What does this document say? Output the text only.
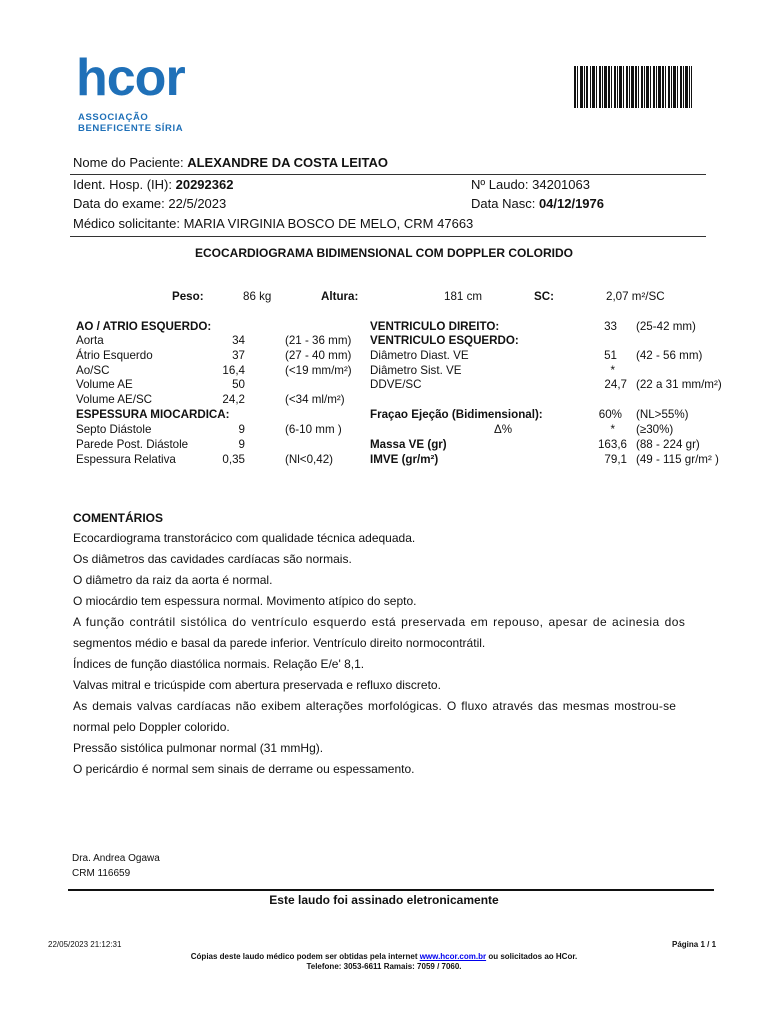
hcor
ASSOCIAÇÃO
BENEFICENTE SÍRIA
Nome do Paciente: ALEXANDRE DA COSTA LEITAO
Ident. Hosp. (IH): 20292362	Nº Laudo: 34201063
Data do exame: 22/5/2023	Data Nasc: 04/12/1976
Médico solicitante: MARIA VIRGINIA BOSCO DE MELO, CRM 47663
ECOCARDIOGRAMA BIDIMENSIONAL COM DOPPLER COLORIDO
Peso:	86 kg	Altura:	181 cm	SC:	2,07 m²/SC
AO / ATRIO ESQUERDO:
Aorta	34	(21 - 36 mm)
Átrio Esquerdo	37	(27 - 40 mm)
Ao/SC	16,4	(<19 mm/m²)
Volume AE	50
Volume AE/SC	24,2	(<34 ml/m²)
ESPESSURA MIOCARDICA:
Septo Diástole	9	(6-10 mm )
Parede Post. Diástole	9
Espessura Relativa	0,35	(Nl<0,42)
VENTRICULO DIREITO:	33 (25-42 mm)
VENTRICULO ESQUERDO:
Diâmetro Diast. VE	51 (42 - 56 mm)
Diâmetro Sist. VE	*
DDVE/SC	24,7 (22 a 31 mm/m²)
Fraçao Ejeção (Bidimensional):	60% (NL>55%)
Δ%	* (≥30%)
Massa VE (gr)	163,6 (88 - 224 gr)
IMVE (gr/m²)	79,1 (49 - 115 gr/m² )
COMENTÁRIOS
Ecocardiograma transtorácico com qualidade técnica adequada.
Os diâmetros das cavidades cardíacas são normais.
O diâmetro da raiz da aorta é normal.
O miocárdio tem espessura normal. Movimento atípico do septo.
A função contrátil sistólica do ventrículo esquerdo está preservada em repouso, apesar de acinesia dos
segmentos médio e basal da parede inferior. Ventrículo direito normocontrátil.
Índices de função diastólica normais. Relação E/e' 8,1.
Valvas mitral e tricúspide com abertura preservada e refluxo discreto.
As demais valvas cardíacas não exibem alterações morfológicas. O fluxo através das mesmas mostrou-se
normal pelo Doppler colorido.
Pressão sistólica pulmonar normal (31 mmHg).
O pericárdio é normal sem sinais de derrame ou espessamento.
Dra. Andrea Ogawa
CRM 116659
Este laudo foi assinado eletronicamente
22/05/2023 21:12:31	Página 1 / 1
Cópias deste laudo médico podem ser obtidas pela internet www.hcor.com.br ou solicitados ao HCor.
Telefone: 3053-6611 Ramais: 7059 / 7060.
